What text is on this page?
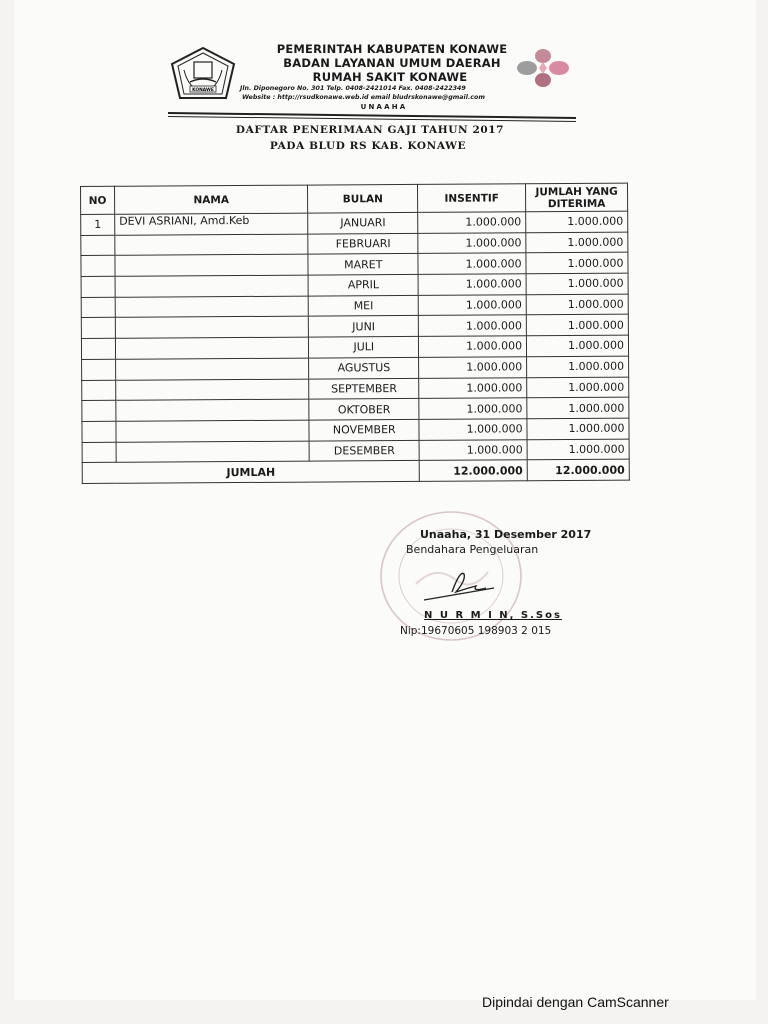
KONAWE
PEMERINTAH KABUPATEN KONAWE
BADAN LAYANAN UMUM DAERAH
RUMAH SAKIT KONAWE
Jln. Diponegoro No. 301 Telp. 0408-2421014 Fax. 0408-2422349
Website : http://rsudkonawe.web.id email bludrskonawe@gmail.com
UNAAHA
DAFTAR PENERIMAAN GAJI TAHUN 2017
PADA BLUD RS KAB. KONAWE
NO	NAMA	BULAN	INSENTIF	JUMLAH YANG
DITERIMA
1	DEVI ASRIANI, Amd.Keb	JANUARI	1.000.000	1.000.000
		FEBRUARI	1.000.000	1.000.000
		MARET	1.000.000	1.000.000
		APRIL	1.000.000	1.000.000
		MEI	1.000.000	1.000.000
		JUNI	1.000.000	1.000.000
		JULI	1.000.000	1.000.000
		AGUSTUS	1.000.000	1.000.000
		SEPTEMBER	1.000.000	1.000.000
		OKTOBER	1.000.000	1.000.000
		NOVEMBER	1.000.000	1.000.000
		DESEMBER	1.000.000	1.000.000
JUMLAH			12.000.000	12.000.000
Unaaha, 31 Desember 2017
Bendahara Pengeluaran
N U R M I N, S.Sos
Nip:19670605 198903 2 015
Dipindai dengan CamScanner
